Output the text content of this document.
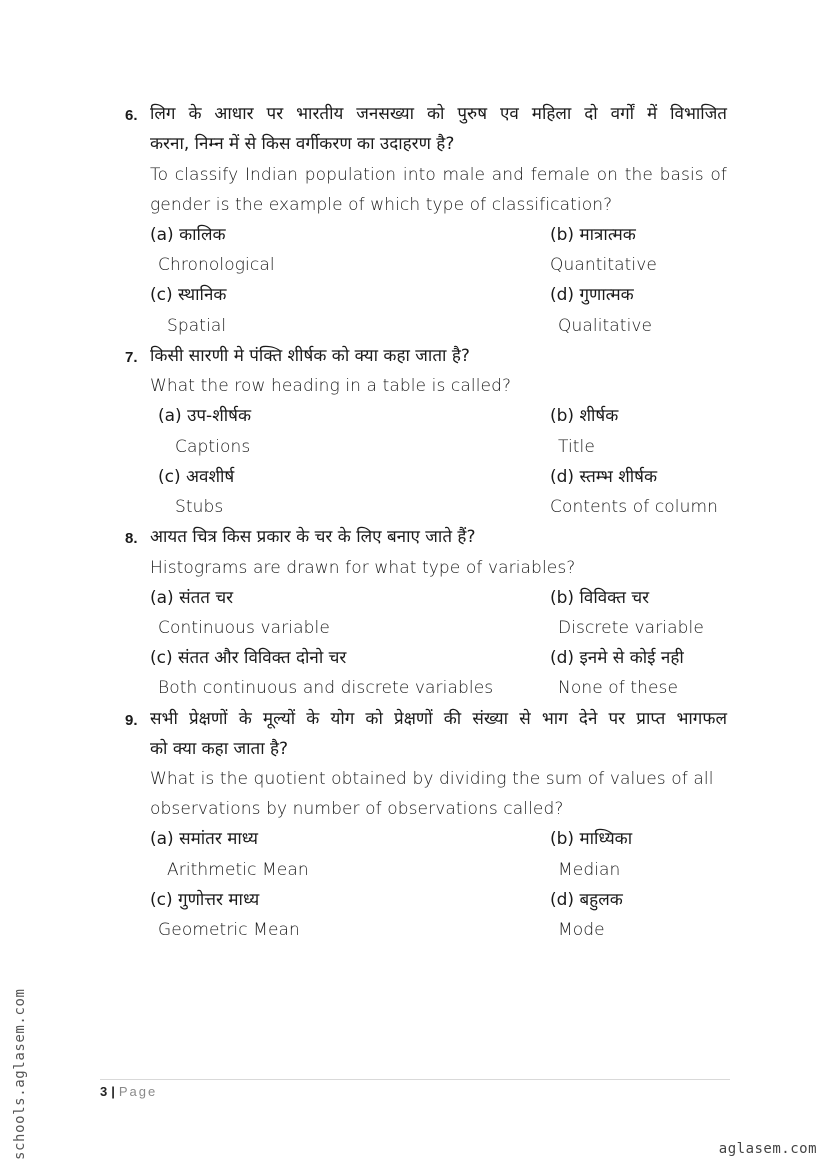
6. लिग के आधार पर भारतीय जनसख्या को पुरुष एव महिला दो वर्गों में विभाजित
करना, निम्न में से किस वर्गीकरण का उदाहरण है?
To classify Indian population into male and female on the basis of
gender is the example of which type of classification?
(a) कालिक
Chronological
(b) मात्रात्मक
Quantitative
(c) स्थानिक
Spatial
(d) गुणात्मक
Qualitative
7. किसी सारणी मे पंक्ति शीर्षक को क्या कहा जाता है?
What the row heading in a table is called?
(a) उप-शीर्षक
Captions
(b) शीर्षक
Title
(c) अवशीर्ष
Stubs
(d) स्तम्भ शीर्षक
Contents of column
8. आयत चित्र किस प्रकार के चर के लिए बनाए जाते हैं?
Histograms are drawn for what type of variables?
(a) संतत चर
Continuous variable
(b) विविक्त चर
Discrete variable
(c) संतत और विविक्त दोनो चर
Both continuous and discrete variables
(d) इनमे से कोई नही
None of these
9. सभी प्रेक्षणों के मूल्यों के योग को प्रेक्षणों की संख्या से भाग देने पर प्राप्त भागफल
को क्या कहा जाता है?
What is the quotient obtained by dividing the sum of values of all
observations by number of observations called?
(a) समांतर माध्य
Arithmetic Mean
(b) माध्यिका
Median
(c) गुणोत्तर माध्य
Geometric Mean
(d) बहुलक
Mode
3 | Page
schools.aglasem.com	aglasem.com
